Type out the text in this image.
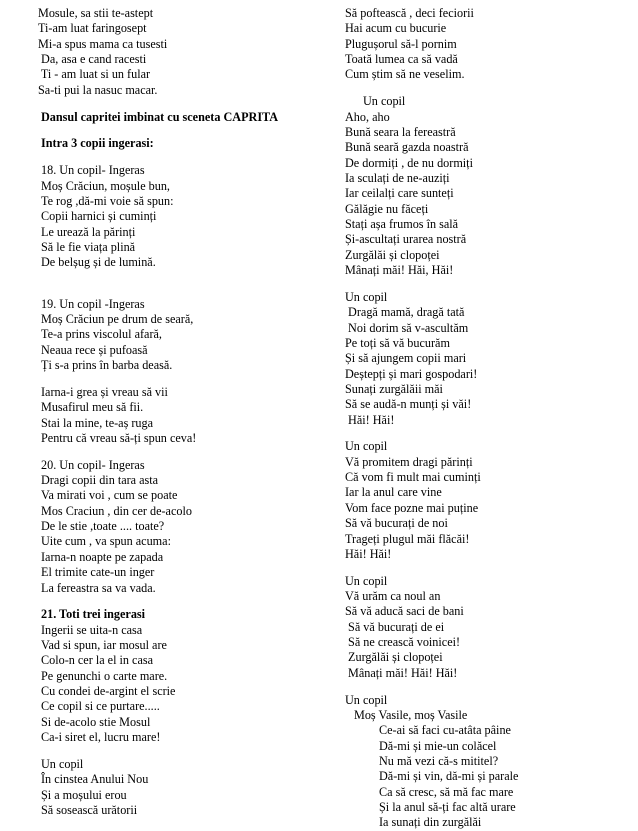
Mosule, sa stii te-astept
Ti-am luat faringosept
Mi-a spus mama ca tusesti
Da, asa e cand racesti
Ti - am luat si un fular
Sa-ti pui la nasuc macar.
Dansul capritei imbinat cu sceneta CAPRITA
Intra 3 copii ingerasi:
18. Un copil- Ingeras
Moș Crăciun, moșule bun,
Te rog ,dă-mi voie să spun:
Copii harnici și cuminți
Le urează la părinți
Să le fie viața plină
De belșug și de lumină.
19. Un copil -Ingeras
Moș Crăciun pe drum de seară,
Te-a prins viscolul afară,
Neaua rece și pufoasă
Ți s-a prins în barba deasă.
Iarna-i grea și vreau să vii
Musafirul meu să fii.
Stai la mine, te-aș ruga
Pentru că vreau să-ți spun ceva!
20. Un copil- Ingeras
Dragi copii din tara asta
Va mirati voi , cum se poate
Mos Craciun , din cer de-acolo
De le stie ,toate .... toate?
Uite cum , va spun acuma:
Iarna-n noapte pe zapada
El trimite cate-un inger
La fereastra sa va vada.
21. Toti trei ingerasi
Ingerii se uita-n casa
Vad si spun, iar mosul are
Colo-n cer la el in casa
Pe genunchi o carte mare.
Cu condei de-argint el scrie
Ce copil si ce purtare.....
Si de-acolo stie Mosul
Ca-i siret el, lucru mare!
Un copil
În cinstea Anului Nou
Și a moșului erou
Să sosească urătorii
Să poftească , deci feciorii
Hai acum cu bucurie
Plugușorul să-l pornim
Toată lumea ca să vadă
Cum știm să ne veselim.
Un copil
Aho, aho
Bună seara la fereastră
Bună seară gazda noastră
De dormiți , de nu dormiți
Ia sculați de ne-auziți
Iar ceilalți care sunteți
Gălăgie nu făceți
Stați așa frumos în sală
Și-ascultați urarea nostră
Zurgălăi și clopoței
Mânați măi! Hăi, Hăi!
Un copil
Dragă mamă, dragă tată
Noi dorim să v-ascultăm
Pe toți să vă bucurăm
Și să ajungem copii mari
Deștepți și mari gospodari!
Sunați zurgălăii măi
Să se audă-n munți și văi!
Hăi! Hăi!
Un copil
Vă promitem dragi părinți
Că vom fi mult mai cuminți
Iar la anul care vine
Vom face pozne mai puține
Să vă bucurați de noi
Trageți plugul măi flăcăi!
Hăi! Hăi!
Un copil
Vă urăm ca noul an
Să vă aducă saci de bani
Să vă bucurați de ei
Să ne crească voinicei!
Zurgălăi și clopoței
Mânați măi! Hăi! Hăi!
Un copil
Moș Vasile, moș Vasile
Ce-ai să faci cu-atâta pâine
Dă-mi și mie-un colăcel
Nu mă vezi că-s mititel?
Dă-mi și vin, dă-mi și parale
Ca să cresc, să mă fac mare
Și la anul să-ți fac altă urare
Ia sunați din zurgălăi
